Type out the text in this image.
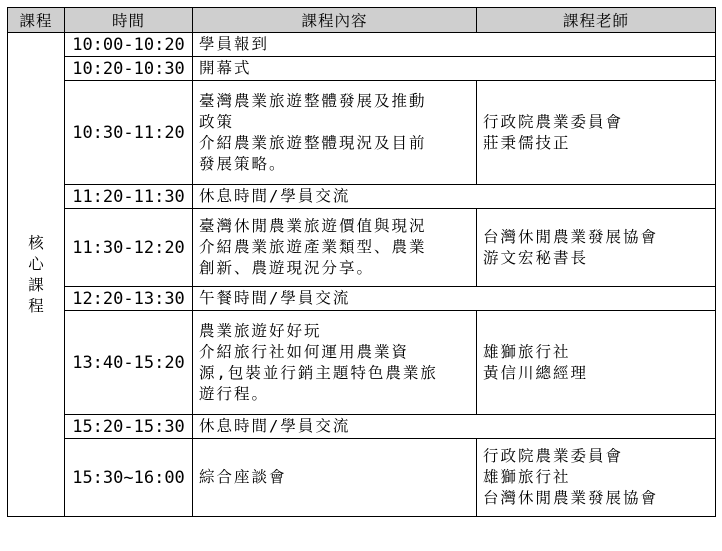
課程	時間	課程內容	課程老師

核
心
課
程	10:00-10:20	學員報到	

	10:20-10:30	開幕式	

	10:30-11:20	臺灣農業旅遊整體發展及推動
政策
介紹農業旅遊整體現況及目前
發展策略。	行政院農業委員會
莊秉儒技正

	11:20-11:30	休息時間/學員交流	

	11:30-12:20	臺灣休閒農業旅遊價值與現況
介紹農業旅遊產業類型、農業
創新、農遊現況分享。	台灣休閒農業發展協會
游文宏秘書長

	12:20-13:30	午餐時間/學員交流	

	13:40-15:20	農業旅遊好好玩
介紹旅行社如何運用農業資
源,包裝並行銷主題特色農業旅
遊行程。	雄獅旅行社
黃信川總經理

	15:20-15:30	休息時間/學員交流	

	15:30~16:00	綜合座談會	行政院農業委員會
雄獅旅行社
台灣休閒農業發展協會
